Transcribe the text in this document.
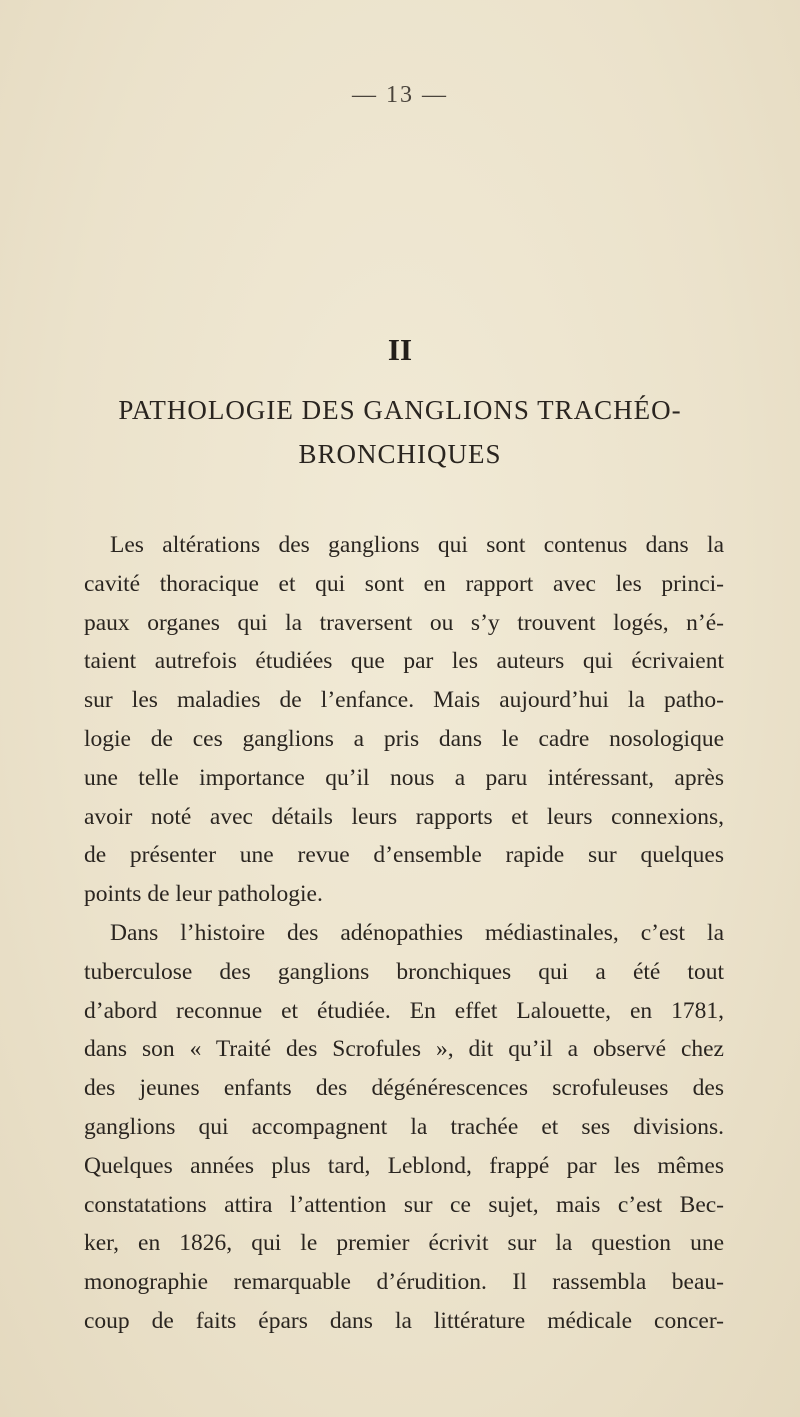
— 13 —
II
PATHOLOGIE DES GANGLIONS TRACHÉO-
BRONCHIQUES
Les altérations des ganglions qui sont contenus dans la
cavité thoracique et qui sont en rapport avec les princi-
paux organes qui la traversent ou s’y trouvent logés, n’é-
taient autrefois étudiées que par les auteurs qui écrivaient
sur les maladies de l’enfance. Mais aujourd’hui la patho-
logie de ces ganglions a pris dans le cadre nosologique
une telle importance qu’il nous a paru intéressant, après
avoir noté avec détails leurs rapports et leurs connexions,
de présenter une revue d’ensemble rapide sur quelques
points de leur pathologie.
Dans l’histoire des adénopathies médiastinales, c’est la
tuberculose des ganglions bronchiques qui a été tout
d’abord reconnue et étudiée. En effet Lalouette, en 1781,
dans son « Traité des Scrofules », dit qu’il a observé chez
des jeunes enfants des dégénérescences scrofuleuses des
ganglions qui accompagnent la trachée et ses divisions.
Quelques années plus tard, Leblond, frappé par les mêmes
constatations attira l’attention sur ce sujet, mais c’est Bec-
ker, en 1826, qui le premier écrivit sur la question une
monographie remarquable d’érudition. Il rassembla beau-
coup de faits épars dans la littérature médicale concer-
